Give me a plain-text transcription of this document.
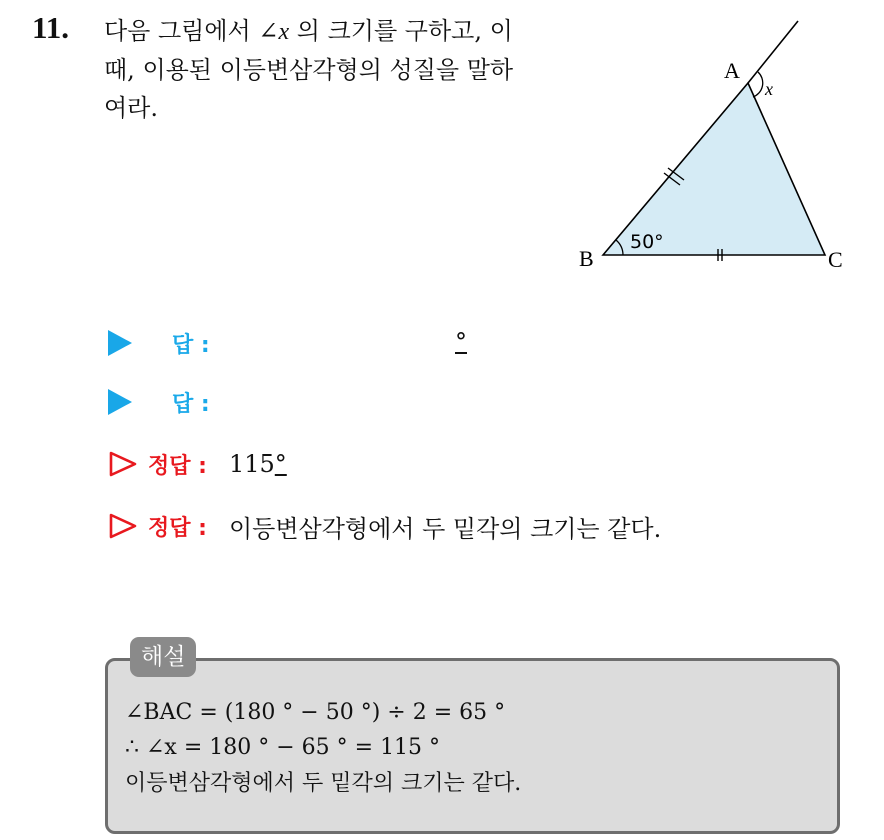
11. 다음 그림에서 ∠x 의 크기를 구하고, 이
때, 이용된 이등변삼각형의 성질을 말하
여라.
A
B	C
x
50°
답 :	°
답 :
정답 : 115°
정답 : 이등변삼각형에서 두 밑각의 크기는 같다.
해설
∠BAC = (180 ° − 50 °) ÷ 2 = 65 °
∴ ∠x = 180 ° − 65 ° = 115 °
이등변삼각형에서 두 밑각의 크기는 같다.
